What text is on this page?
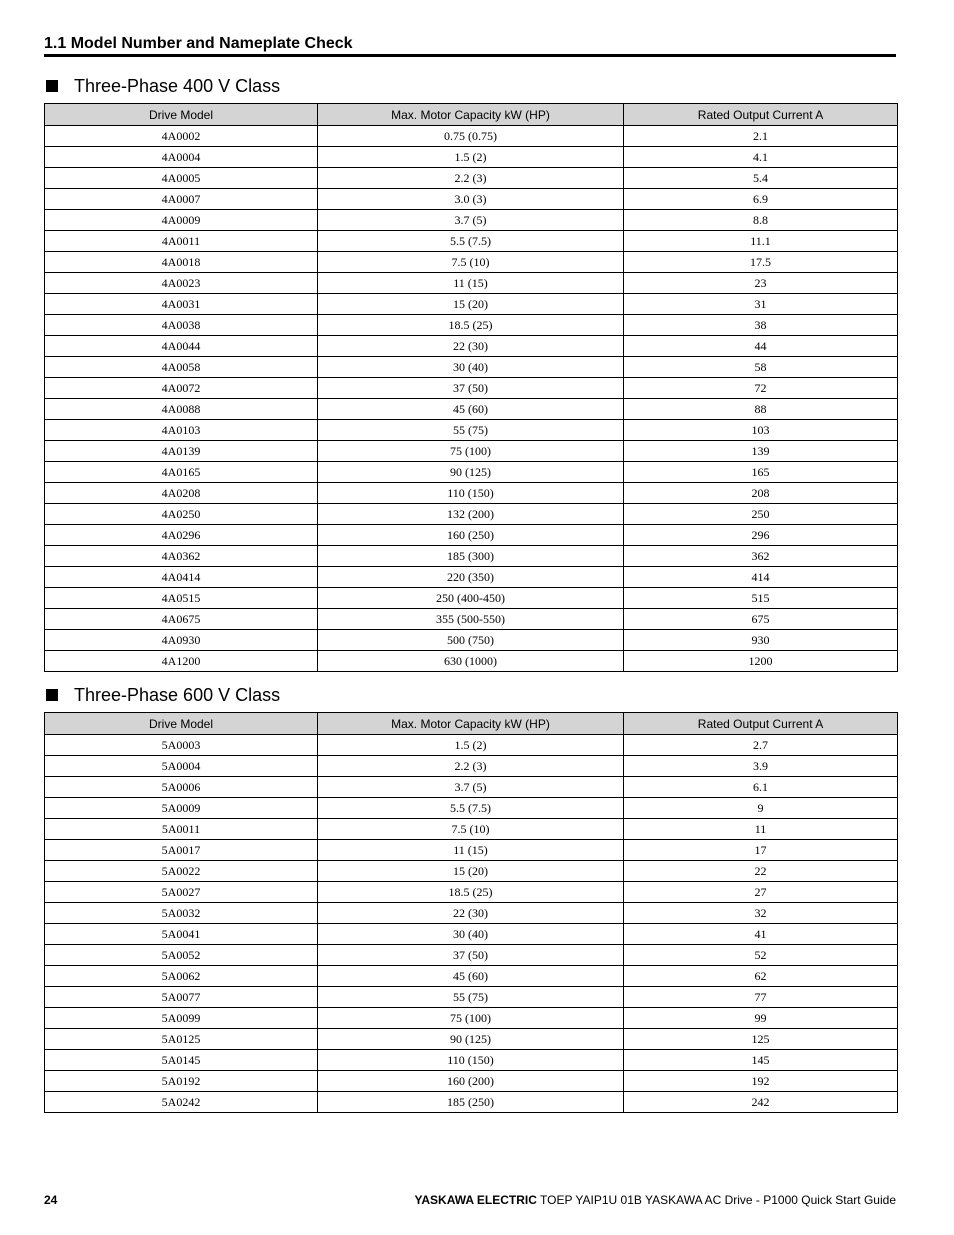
1.1 Model Number and Nameplate Check
Three-Phase 400 V Class
Drive Model	Max. Motor Capacity kW (HP)	Rated Output Current A
4A0002	0.75 (0.75)	2.1
4A0004	1.5 (2)	4.1
4A0005	2.2 (3)	5.4
4A0007	3.0 (3)	6.9
4A0009	3.7 (5)	8.8
4A0011	5.5 (7.5)	11.1
4A0018	7.5 (10)	17.5
4A0023	11 (15)	23
4A0031	15 (20)	31
4A0038	18.5 (25)	38
4A0044	22 (30)	44
4A0058	30 (40)	58
4A0072	37 (50)	72
4A0088	45 (60)	88
4A0103	55 (75)	103
4A0139	75 (100)	139
4A0165	90 (125)	165
4A0208	110 (150)	208
4A0250	132 (200)	250
4A0296	160 (250)	296
4A0362	185 (300)	362
4A0414	220 (350)	414
4A0515	250 (400-450)	515
4A0675	355 (500-550)	675
4A0930	500 (750)	930
4A1200	630 (1000)	1200
Three-Phase 600 V Class
Drive Model	Max. Motor Capacity kW (HP)	Rated Output Current A
5A0003	1.5 (2)	2.7
5A0004	2.2 (3)	3.9
5A0006	3.7 (5)	6.1
5A0009	5.5 (7.5)	9
5A0011	7.5 (10)	11
5A0017	11 (15)	17
5A0022	15 (20)	22
5A0027	18.5 (25)	27
5A0032	22 (30)	32
5A0041	30 (40)	41
5A0052	37 (50)	52
5A0062	45 (60)	62
5A0077	55 (75)	77
5A0099	75 (100)	99
5A0125	90 (125)	125
5A0145	110 (150)	145
5A0192	160 (200)	192
5A0242	185 (250)	242
24	YASKAWA ELECTRIC TOEP YAIP1U 01B YASKAWA AC Drive - P1000 Quick Start Guide
